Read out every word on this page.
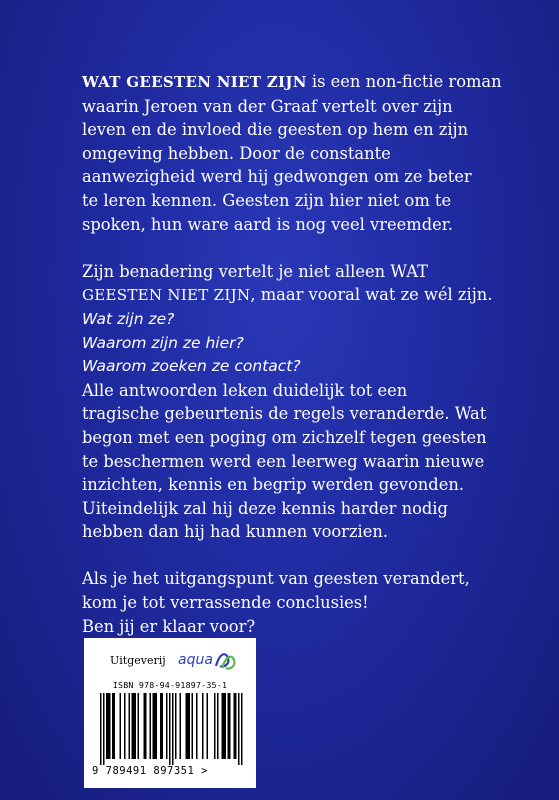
WAT GEESTEN NIET ZIJN is een non-fictie roman

waarin Jeroen van der Graaf vertelt over zijn

leven en de invloed die geesten op hem en zijn

omgeving hebben. Door de constante

aanwezigheid werd hij gedwongen om ze beter

te leren kennen. Geesten zijn hier niet om te

spoken, hun ware aard is nog veel vreemder.

Zijn benadering vertelt je niet alleen WAT

GEESTEN NIET ZIJN, maar vooral wat ze wél zijn.

Wat zijn ze?

Waarom zijn ze hier?

Waarom zoeken ze contact?

Alle antwoorden leken duidelijk tot een

tragische gebeurtenis de regels veranderde. Wat

begon met een poging om zichzelf tegen geesten

te beschermen werd een leerweg waarin nieuwe

inzichten, kennis en begrip werden gevonden.

Uiteindelijk zal hij deze kennis harder nodig

hebben dan hij had kunnen voorzien.

Als je het uitgangspunt van geesten verandert,

kom je tot verrassende conclusies!

Ben jij er klaar voor?

Uitgeverij aqua
ISBN 978-94-91897-35-1
9 789491 897351 >
